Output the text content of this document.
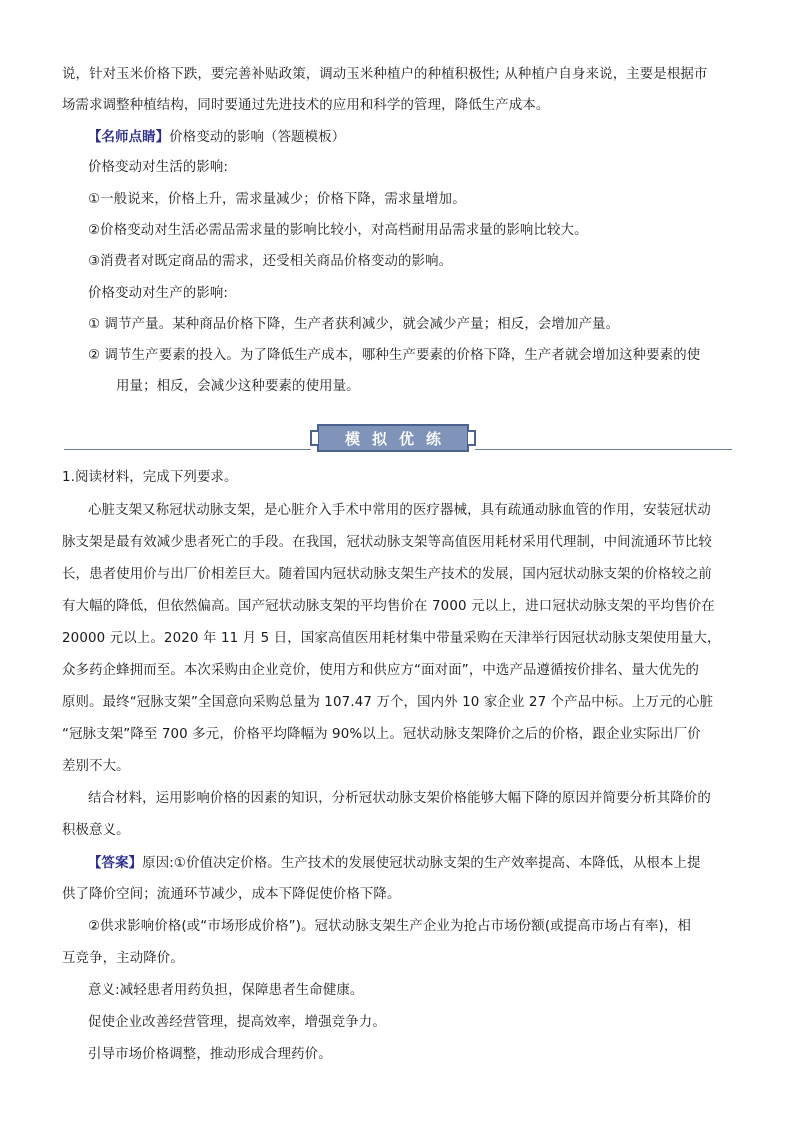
说，针对玉米价格下跌，要完善补贴政策，调动玉米种植户的种植积极性; 从种植户自身来说，主要是根据市
场需求调整种植结构，同时要通过先进技术的应用和科学的管理，降低生产成本。
【名师点睛】价格变动的影响（答题模板）
价格变动对生活的影响:
①一般说来，价格上升，需求量减少；价格下降，需求量增加。
②价格变动对生活必需品需求量的影响比较小，对高档耐用品需求量的影响比较大。
③消费者对既定商品的需求，还受相关商品价格变动的影响。
价格变动对生产的影响:
① 调节产量。某种商品价格下降，生产者获利减少，就会减少产量；相反，会增加产量。
② 调节生产要素的投入。为了降低生产成本，哪种生产要素的价格下降，生产者就会增加这种要素的使
用量；相反，会减少这种要素的使用量。
模拟优练
1.阅读材料，完成下列要求。
心脏支架又称冠状动脉支架，是心脏介入手术中常用的医疗器械，具有疏通动脉血管的作用，安装冠状动
脉支架是最有效减少患者死亡的手段。在我国，冠状动脉支架等高值医用耗材采用代理制，中间流通环节比较
长，患者使用价与出厂价相差巨大。随着国内冠状动脉支架生产技术的发展，国内冠状动脉支架的价格较之前
有大幅的降低，但依然偏高。国产冠状动脉支架的平均售价在 7000 元以上，进口冠状动脉支架的平均售价在
20000 元以上。2020 年 11 月 5 日，国家高值医用耗材集中带量采购在天津举行因冠状动脉支架使用量大，
众多药企蜂拥而至。本次采购由企业竞价，使用方和供应方“面对面”，中选产品遵循按价排名、量大优先的
原则。最终“冠脉支架”全国意向采购总量为 107.47 万个，国内外 10 家企业 27 个产品中标。上万元的心脏
“冠脉支架”降至 700 多元，价格平均降幅为 90%以上。冠状动脉支架降价之后的价格，跟企业实际出厂价
差别不大。
结合材料，运用影响价格的因素的知识，分析冠状动脉支架价格能够大幅下降的原因并简要分析其降价的
积极意义。
【答案】原因:①价值决定价格。生产技术的发展使冠状动脉支架的生产效率提高、本降低，从根本上提
供了降价空间；流通环节减少，成本下降促使价格下降。
②供求影响价格(或“市场形成价格”)。冠状动脉支架生产企业为抢占市场份额(或提高市场占有率)，相
互竞争，主动降价。
意义:减轻患者用药负担，保障患者生命健康。
促使企业改善经营管理，提高效率，增强竞争力。
引导市场价格调整，推动形成合理药价。
